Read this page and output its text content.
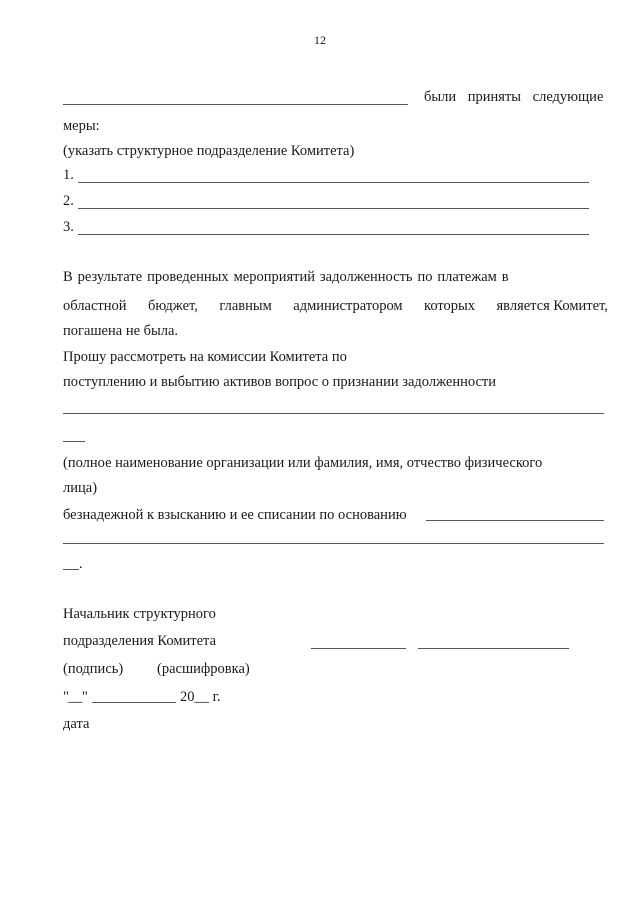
12
были приняты следующие
меры:
(указать структурное подразделение Комитета)
1.
2.
3.
В результате проведенных мероприятий задолженность по платежам в
областной бюджет, главным администратором которых является Комитет,
погашена не была.
Прошу рассмотреть на комиссии Комитета по
поступлению и выбытию активов вопрос о признании задолженности
(полное наименование организации или фамилия, имя, отчество физического
лица)
безнадежной к взысканию и ее списании по основанию
.
Начальник структурного
подразделения Комитета
(подпись) (расшифровка)
"__"	20__ г.
дата
